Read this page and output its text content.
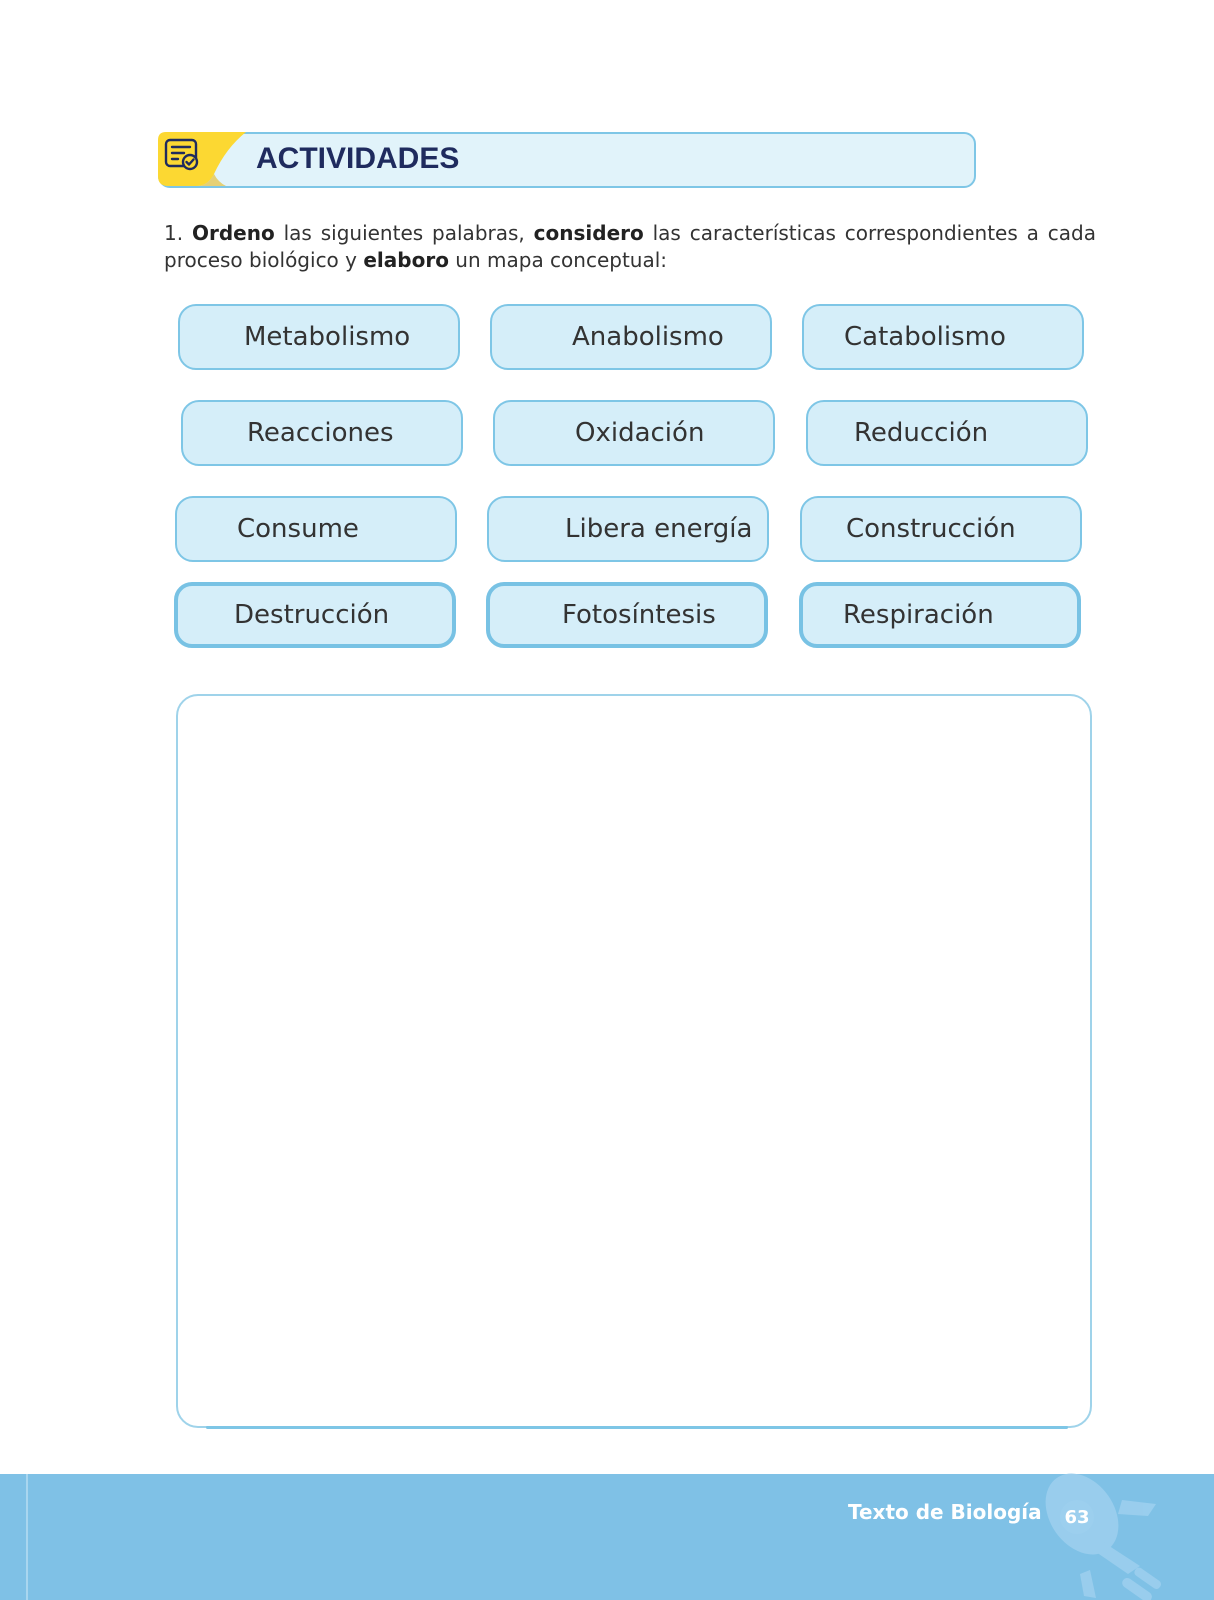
ACTIVIDADES
1. Ordeno las siguientes palabras, considero las características correspondientes a cada proceso biológico y elaboro un mapa conceptual:
Metabolismo	Anabolismo	Catabolismo
Reacciones	Oxidación	Reducción
Consume	Libera energía	Construcción
Destrucción	Fotosíntesis	Respiración
Texto de Biología 63
